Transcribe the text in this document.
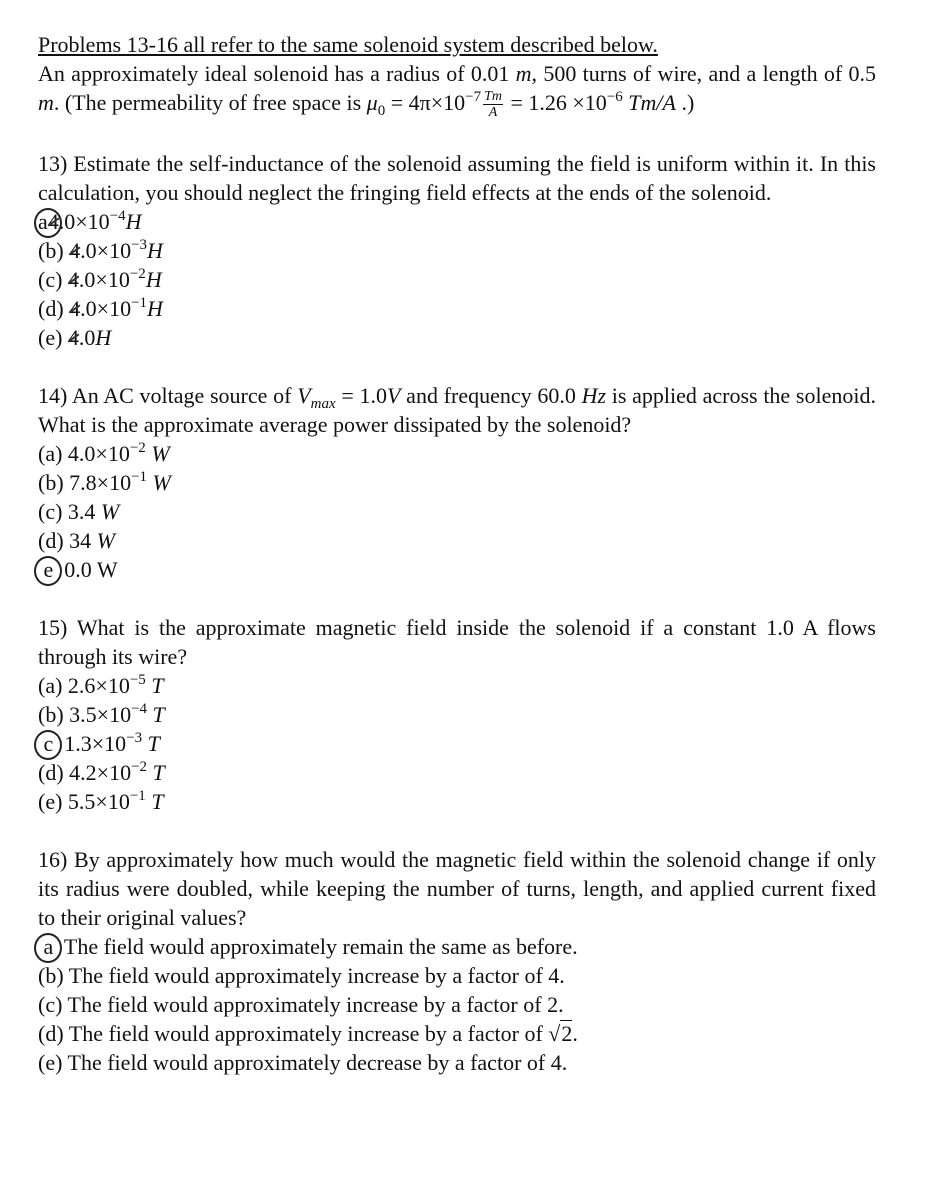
Problems 13-16 all refer to the same solenoid system described below.
An approximately ideal solenoid has a radius of 0.01 m, 500 turns of wire, and a length of 0.5 m. (The permeability of free space is $\mu_0 = 4\pi\times 10^{-7} \frac{Tm}{A} = 1.26 \times 10^{-6}$ Tm/A .)
13) Estimate the self-inductance of the solenoid assuming the field is uniform within it. In this calculation, you should neglect the fringing field effects at the ends of the solenoid.
$a4.0\times 10^{-4}H$
(b) $4.0\times 10^{-3}H$
(c) $4.0\times 10^{-2}H$
(d) $4.0\times 10^{-1}H$
(e) 4.0H
14) An AC voltage source of $V_{max} = 1.0V$ and frequency 60.0 Hz is applied across the solenoid. What is the approximate average power dissipated by the solenoid?
(a) $4.0\times 10^{-2}$ W
(b) $7.8\times 10^{-1}$ W
(c) 3.4 W
(d) 34 W
e 0.0 W
15) What is the approximate magnetic field inside the solenoid if a constant 1.0 A flows through its wire?
(a) $2.6\times 10^{-5}$ T
(b) $3.5\times 10^{-4}$ T
c $1.3\times 10^{-3}$ T
(d) $4.2\times 10^{-2}$ T
(e) $5.5\times 10^{-1}$ T
16) By approximately how much would the magnetic field within the solenoid change if only its radius were doubled, while keeping the number of turns, length, and applied current fixed to their original values?
a The field would approximately remain the same as before.
(b) The field would approximately increase by a factor of 4.
(c) The field would approximately increase by a factor of 2.
(d) The field would approximately increase by a factor of √2.
(e) The field would approximately decrease by a factor of 4.
